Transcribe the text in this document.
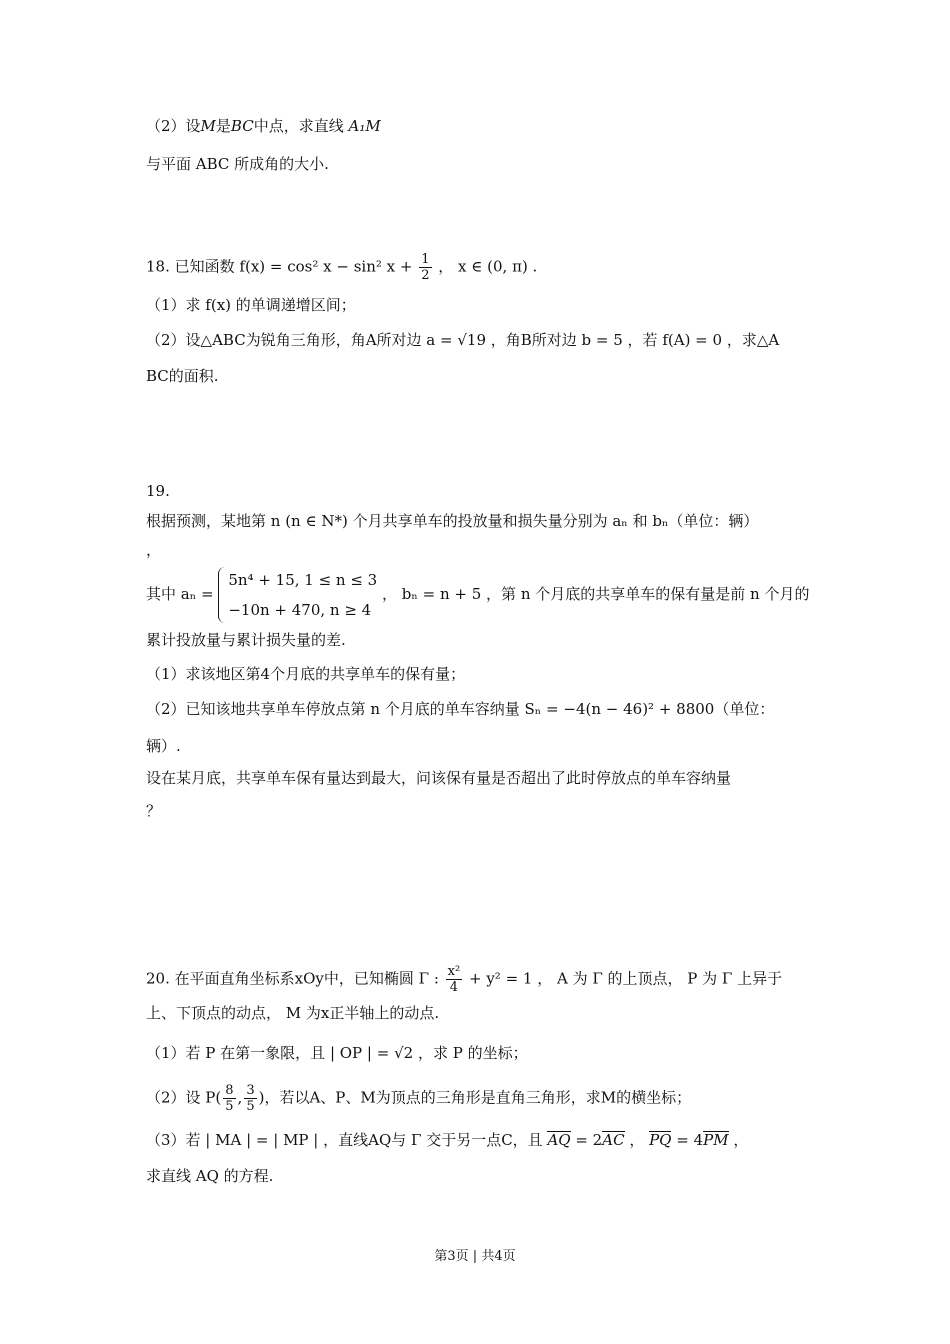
（2）设M是BC中点，求直线 A₁M
与平面 ABC 所成角的大小.
18. 已知函数 f(x) = cos² x − sin² $x + \frac{1}{2}$ ， x ∈ (0, π) .
（1）求 f(x) 的单调递增区间；
（2）设△ABC为锐角三角形，角A所对边 a = √19 ，角B所对边 b = 5 ，若 f(A) = 0 ，求△A
BC的面积.
19.
根据预测，某地第 n (n ∈ N*) 个月共享单车的投放量和损失量分别为 aₙ 和 bₙ（单位：辆）
，
其中 aₙ =
5n⁴ + 15, 1 ≤ n ≤ 3
−10n + 470, n ≥ 4
， bₙ = n + 5 ，第 n 个月底的共享单车的保有量是前 n 个月的
累计投放量与累计损失量的差.
（1）求该地区第4个月底的共享单车的保有量；
（2）已知该地共享单车停放点第 n 个月底的单车容纳量 Sₙ = −4(n − 46)² + 8800（单位：
辆）.
设在某月底，共享单车保有量达到最大，问该保有量是否超出了此时停放点的单车容纳量
？
20. 在平面直角坐标系xOy中，已知椭圆 Γ : $\frac{\text{x²}}{4} + y^2 = 1$ ， A 为 Γ 的上顶点， P 为 Γ 上异于
上、下顶点的动点， M 为x正半轴上的动点.
（1）若 P 在第一象限，且 | OP | = √2 ，求 P 的坐标；
（2）设 $P( \frac{8}{5}$ , $\frac{3}{5}$ )，若以A、P、M为顶点的三角形是直角三角形，求M的横坐标；
（3）若 | MA | = | MP | ，直线AQ与 Γ 交于另一点C，且 AQ = 2AC ， PQ = 4PM ，
求直线 AQ 的方程.
第3页 | 共4页
